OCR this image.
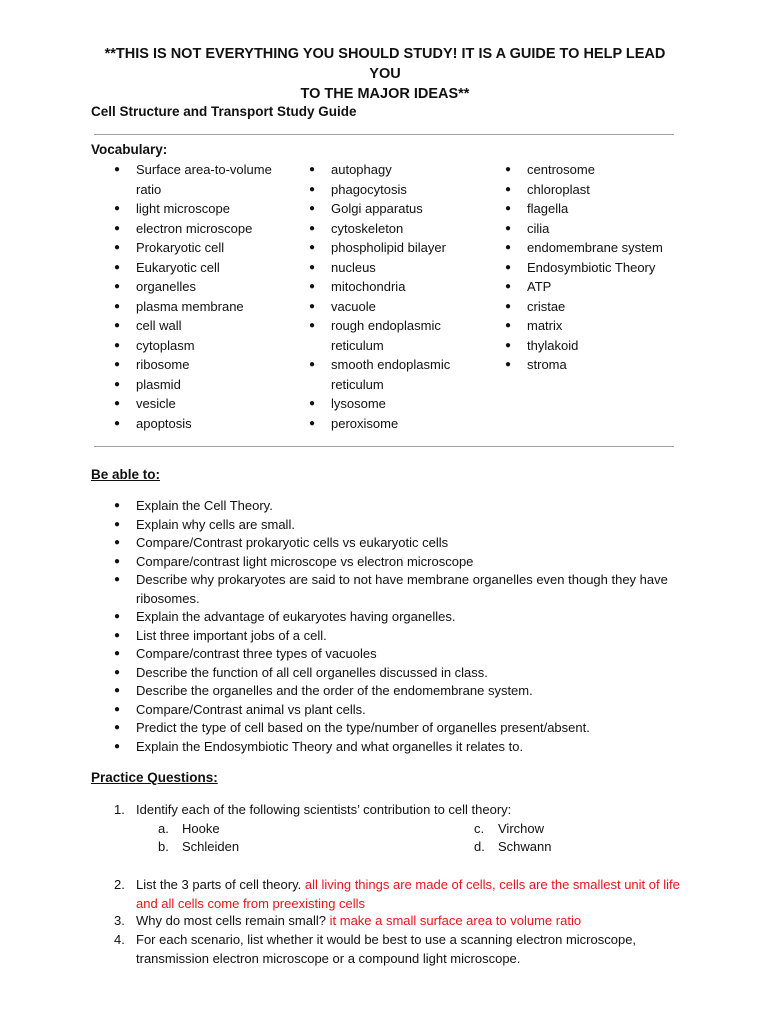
**THIS IS NOT EVERYTHING YOU SHOULD STUDY! IT IS A GUIDE TO HELP LEAD YOU
TO THE MAJOR IDEAS**
Cell Structure and Transport Study Guide
Vocabulary:
● Surface area-to-volume ratio
● light microscope
● electron microscope
● Prokaryotic cell
● Eukaryotic cell
● organelles
● plasma membrane
● cell wall
● cytoplasm
● ribosome
● plasmid
● vesicle
● apoptosis
● autophagy
● phagocytosis
● Golgi apparatus
● cytoskeleton
● phospholipid bilayer
● nucleus
● mitochondria
● vacuole
● rough endoplasmic reticulum
● smooth endoplasmic reticulum
● lysosome
● peroxisome
● centrosome
● chloroplast
● flagella
● cilia
● endomembrane system
● Endosymbiotic Theory
● ATP
● cristae
● matrix
● thylakoid
● stroma
Be able to:
● Explain the Cell Theory.
● Explain why cells are small.
● Compare/Contrast prokaryotic cells vs eukaryotic cells
● Compare/contrast light microscope vs electron microscope
● Describe why prokaryotes are said to not have membrane organelles even though they have ribosomes.
● Explain the advantage of eukaryotes having organelles.
● List three important jobs of a cell.
● Compare/contrast three types of vacuoles
● Describe the function of all cell organelles discussed in class.
● Describe the organelles and the order of the endomembrane system.
● Compare/Contrast animal vs plant cells.
● Predict the type of cell based on the type/number of organelles present/absent.
● Explain the Endosymbiotic Theory and what organelles it relates to.
Practice Questions:
1. Identify each of the following scientists’ contribution to cell theory:
a. Hooke
b. Schleiden
c. Virchow
d. Schwann
2. List the 3 parts of cell theory. all living things are made of cells, cells are the smallest unit of life and all cells come from preexisting cells
3. Why do most cells remain small? it make a small surface area to volume ratio
4. For each scenario, list whether it would be best to use a scanning electron microscope, transmission electron microscope or a compound light microscope.
